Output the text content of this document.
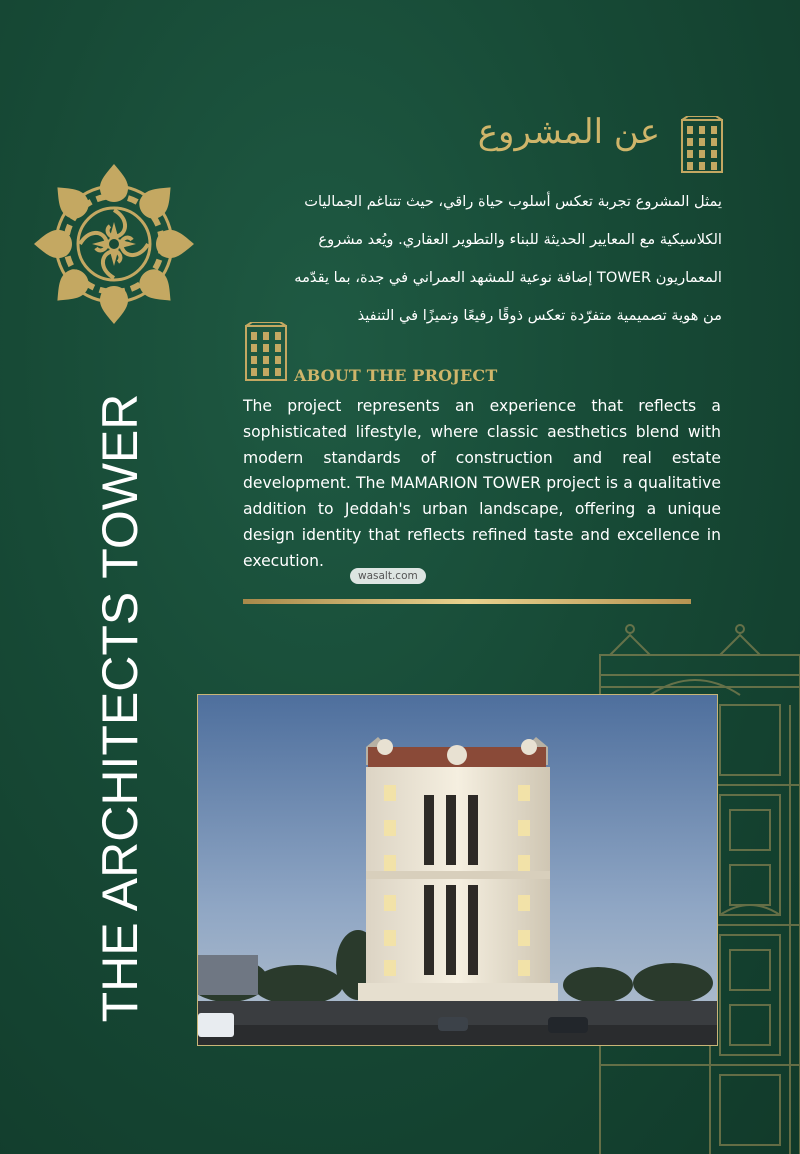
THE ARCHITECTS TOWER
عن المشروع

يمثل المشروع تجربة تعكس أسلوب حياة راقي، حيث تتناغم الجماليات

الكلاسيكية مع المعايير الحديثة للبناء والتطوير العقاري. ويُعد مشروع

المعماريون TOWER إضافة نوعية للمشهد العمراني في جدة، بما يقدّمه

من هوية تصميمية متفرّدة تعكس ذوقًا رفيعًا وتميزًا في التنفيذ

ABOUT THE PROJECT
The project represents an experience that reflects a sophisticated lifestyle, where classic aesthetics blend with modern standards of construction and real estate development. The MAMARION TOWER project is a qualitative addition to Jeddah's urban landscape, offering a unique design identity that reflects refined taste and excellence in execution.
wasalt.com
